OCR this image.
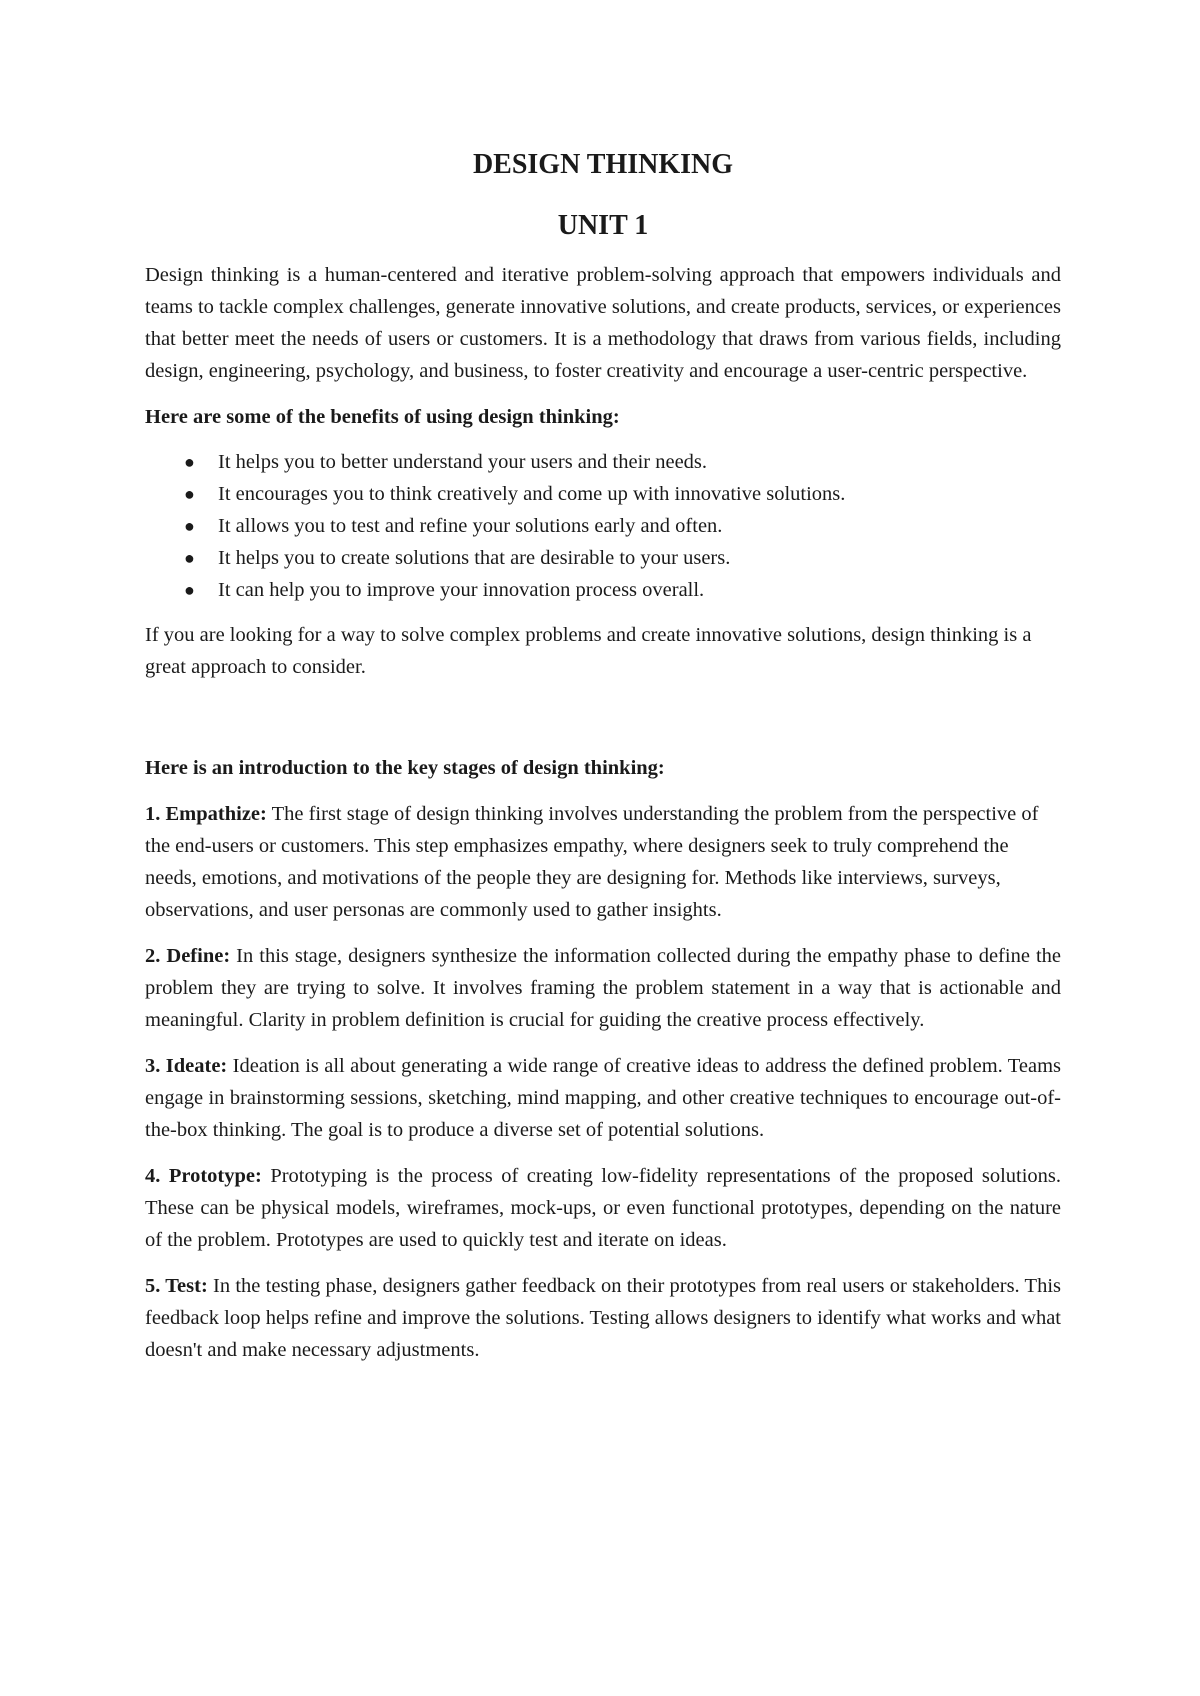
DESIGN THINKING
UNIT 1

Design thinking is a human-centered and iterative problem-solving approach that empowers individuals and teams to tackle complex challenges, generate innovative solutions, and create products, services, or experiences that better meet the needs of users or customers. It is a methodology that draws from various fields, including design, engineering, psychology, and business, to foster creativity and encourage a user-centric perspective.

Here are some of the benefits of using design thinking:

● It helps you to better understand your users and their needs.
● It encourages you to think creatively and come up with innovative solutions.
● It allows you to test and refine your solutions early and often.
● It helps you to create solutions that are desirable to your users.
● It can help you to improve your innovation process overall.

If you are looking for a way to solve complex problems and create innovative solutions, design thinking is a great approach to consider.

Here is an introduction to the key stages of design thinking:

1. Empathize: The first stage of design thinking involves understanding the problem from the perspective of the end-users or customers. This step emphasizes empathy, where designers seek to truly comprehend the needs, emotions, and motivations of the people they are designing for. Methods like interviews, surveys, observations, and user personas are commonly used to gather insights.

2. Define: In this stage, designers synthesize the information collected during the empathy phase to define the problem they are trying to solve. It involves framing the problem statement in a way that is actionable and meaningful. Clarity in problem definition is crucial for guiding the creative process effectively.

3. Ideate: Ideation is all about generating a wide range of creative ideas to address the defined problem. Teams engage in brainstorming sessions, sketching, mind mapping, and other creative techniques to encourage out-of-the-box thinking. The goal is to produce a diverse set of potential solutions.

4. Prototype: Prototyping is the process of creating low-fidelity representations of the proposed solutions. These can be physical models, wireframes, mock-ups, or even functional prototypes, depending on the nature of the problem. Prototypes are used to quickly test and iterate on ideas.

5. Test: In the testing phase, designers gather feedback on their prototypes from real users or stakeholders. This feedback loop helps refine and improve the solutions. Testing allows designers to identify what works and what doesn't and make necessary adjustments.
